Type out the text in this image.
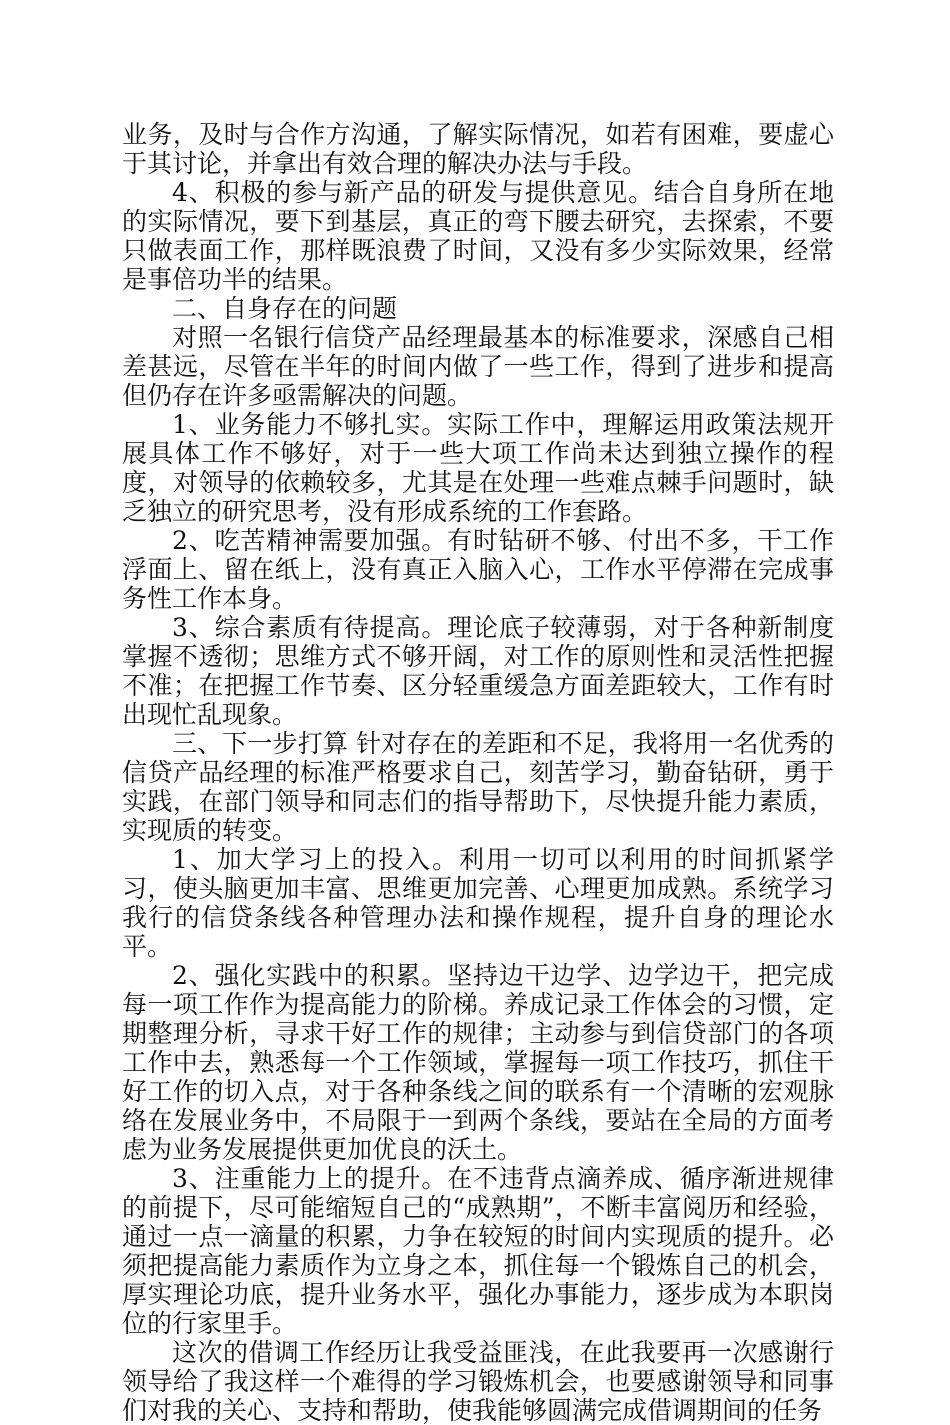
业务，及时与合作方沟通，了解实际情况，如若有困难，要虚心于其讨论，并拿出有效合理的解决办法与手段。

4、积极的参与新产品的研发与提供意见。结合自身所在地的实际情况，要下到基层，真正的弯下腰去研究，去探索，不要只做表面工作，那样既浪费了时间，又没有多少实际效果，经常是事倍功半的结果。

二、自身存在的问题

对照一名银行信贷产品经理最基本的标准要求，深感自己相差甚远，尽管在半年的时间内做了一些工作，得到了进步和提高但仍存在许多亟需解决的问题。

1、业务能力不够扎实。实际工作中，理解运用政策法规开展具体工作不够好，对于一些大项工作尚未达到独立操作的程度，对领导的依赖较多，尤其是在处理一些难点棘手问题时，缺乏独立的研究思考，没有形成系统的工作套路。

2、吃苦精神需要加强。有时钻研不够、付出不多，干工作浮面上、留在纸上，没有真正入脑入心，工作水平停滞在完成事务性工作本身。

3、综合素质有待提高。理论底子较薄弱，对于各种新制度掌握不透彻；思维方式不够开阔，对工作的原则性和灵活性把握不准；在把握工作节奏、区分轻重缓急方面差距较大，工作有时出现忙乱现象。

三、下一步打算 针对存在的差距和不足，我将用一名优秀的信贷产品经理的标准严格要求自己，刻苦学习，勤奋钻研，勇于实践，在部门领导和同志们的指导帮助下，尽快提升能力素质，实现质的转变。

1、加大学习上的投入。利用一切可以利用的时间抓紧学习，使头脑更加丰富、思维更加完善、心理更加成熟。系统学习我行的信贷条线各种管理办法和操作规程，提升自身的理论水平。

2、强化实践中的积累。坚持边干边学、边学边干，把完成每一项工作作为提高能力的阶梯。养成记录工作体会的习惯，定期整理分析，寻求干好工作的规律；主动参与到信贷部门的各项工作中去，熟悉每一个工作领域，掌握每一项工作技巧，抓住干好工作的切入点，对于各种条线之间的联系有一个清晰的宏观脉络在发展业务中，不局限于一到两个条线，要站在全局的方面考虑为业务发展提供更加优良的沃土。

3、注重能力上的提升。在不违背点滴养成、循序渐进规律的前提下，尽可能缩短自己的“成熟期”，不断丰富阅历和经验，通过一点一滴量的积累，力争在较短的时间内实现质的提升。必须把提高能力素质作为立身之本，抓住每一个锻炼自己的机会，厚实理论功底，提升业务水平，强化办事能力，逐步成为本职岗位的行家里手。

这次的借调工作经历让我受益匪浅，在此我要再一次感谢行领导给了我这样一个难得的学习锻炼机会，也要感谢领导和同事们对我的关心、支持和帮助，使我能够圆满完成借调期间的任务
